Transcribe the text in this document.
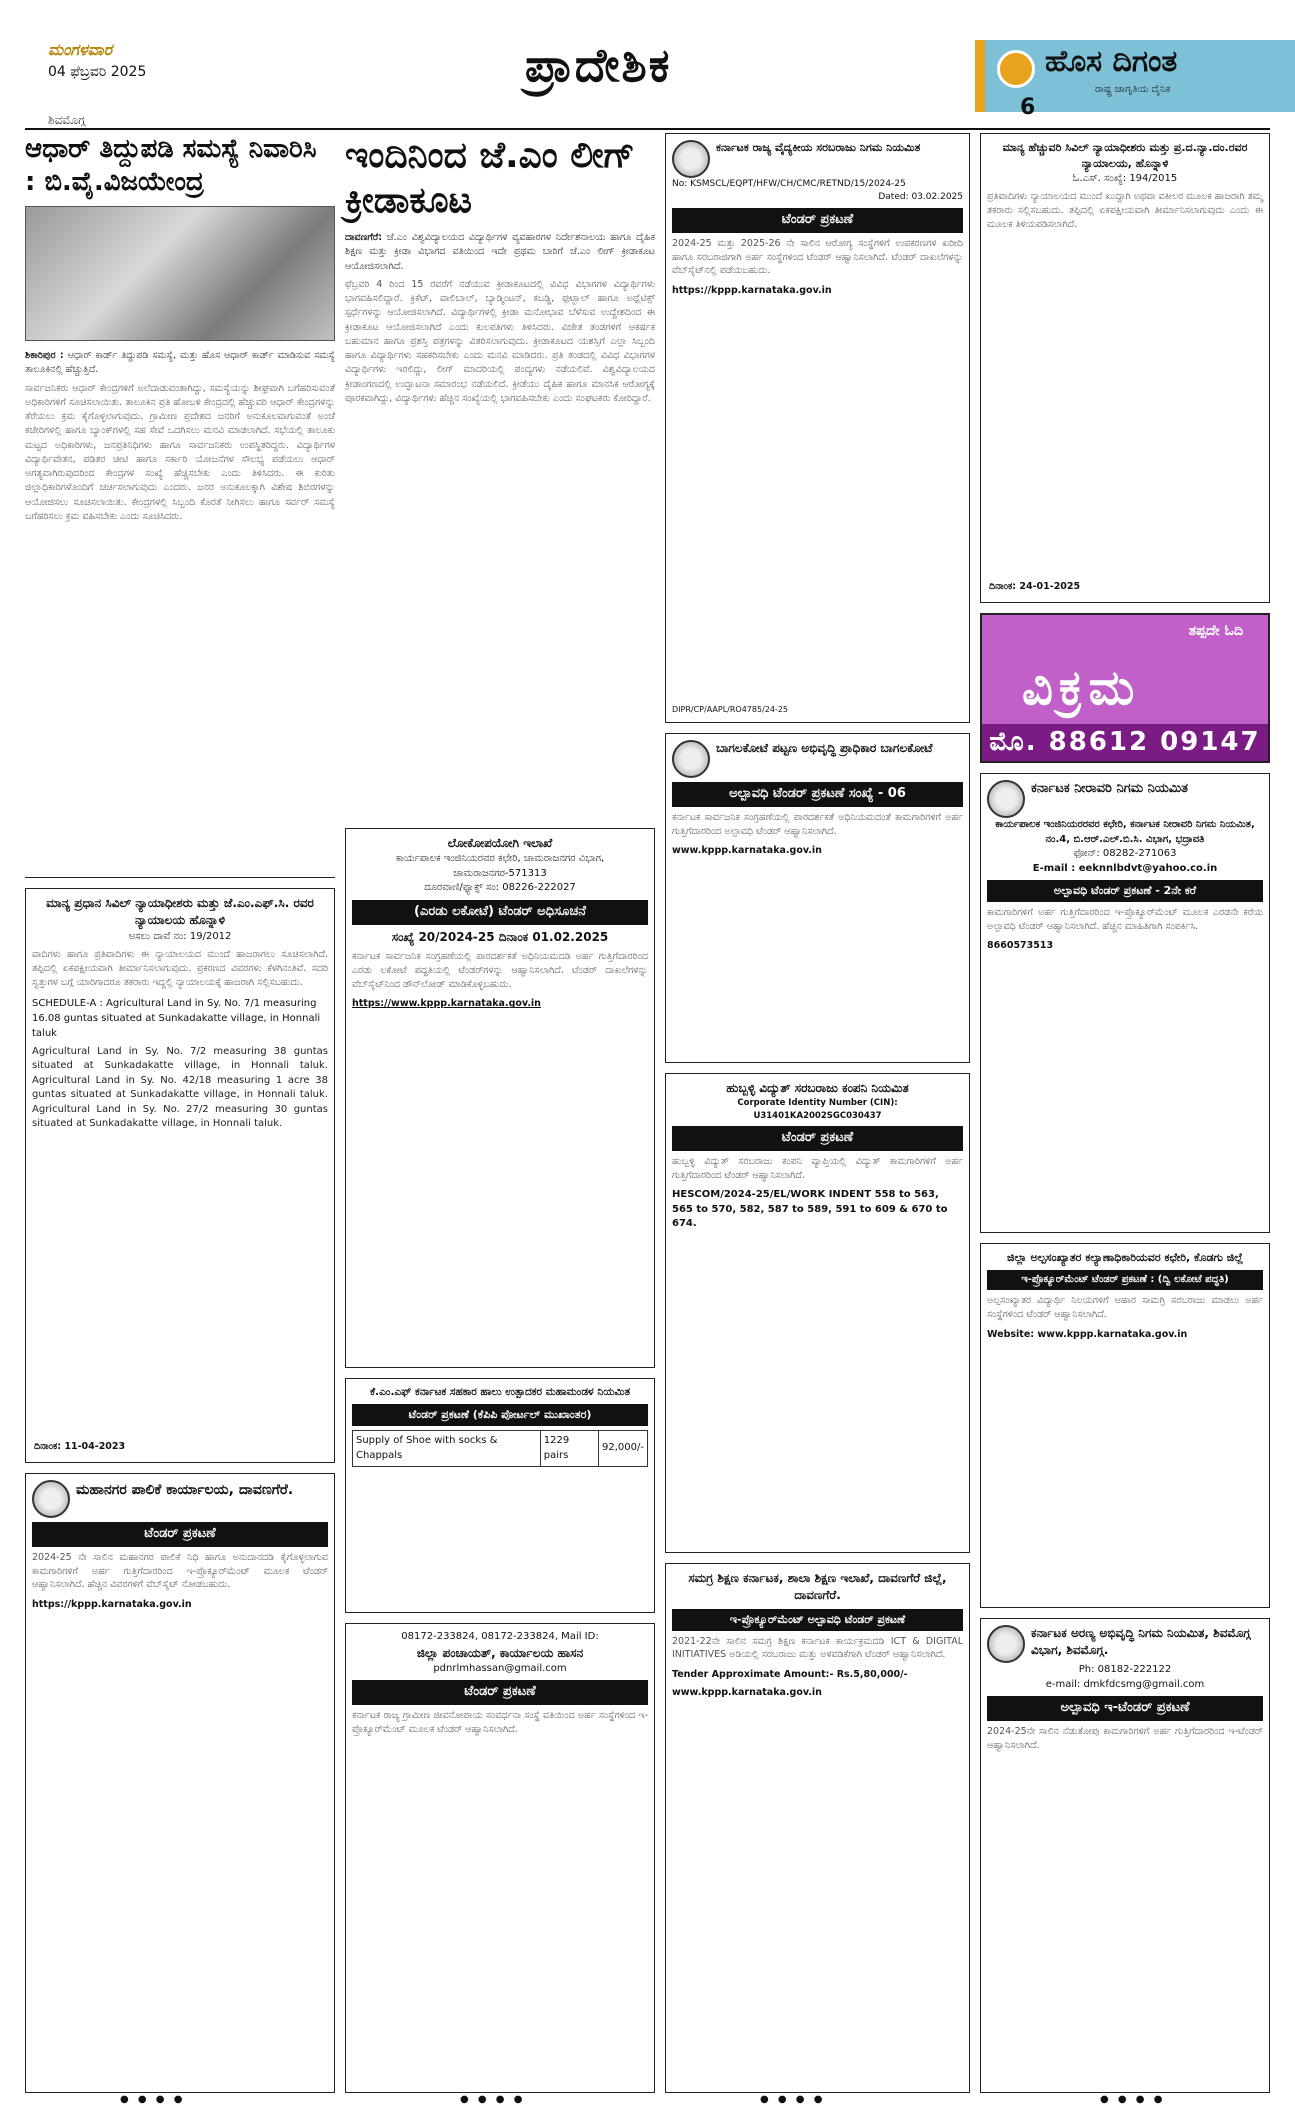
ಮಂಗಳವಾರ
04 ಫೆಬ್ರವರಿ 2025
ಶಿವಮೊಗ್ಗ
ಪ್ರಾದೇಶಿಕ	ಹೊಸ ದಿಗಂತ
ರಾಷ್ಟ್ರ ಜಾಗೃತಿಯ ದೈನಿಕ
6
ಆಧಾರ್ ತಿದ್ದುಪಡಿ ಸಮಸ್ಯೆ ನಿವಾರಿಸಿ : ಬಿ.ವೈ.ವಿಜಯೇಂದ್ರ
ಶಿಕಾರಿಪುರ : ಆಧಾರ್ ಕಾರ್ಡ್ ತಿದ್ದುಪಡಿ ಸಮಸ್ಯೆ, ಮತ್ತು ಹೊಸ ಆಧಾರ್ ಕಾರ್ಡ್ ಮಾಡಿಸುವ ಸಮಸ್ಯೆ ತಾಲೂಕಿನಲ್ಲಿ ಹೆಚ್ಚುತ್ತಿದೆ.
ಸಾರ್ವಜನಿಕರು ಆಧಾರ್ ಕೇಂದ್ರಗಳಿಗೆ ಅಲೆದಾಡುವಂತಾಗಿದ್ದು, ಸಮಸ್ಯೆಯನ್ನು ಶೀಘ್ರವಾಗಿ ಬಗೆಹರಿಸುವಂತೆ ಅಧಿಕಾರಿಗಳಿಗೆ ಸೂಚಿಸಲಾಯಿತು. ತಾಲೂಕಿನ ಪ್ರತಿ ಹೋಬಳಿ ಕೇಂದ್ರದಲ್ಲಿ ಹೆಚ್ಚುವರಿ ಆಧಾರ್ ಕೇಂದ್ರಗಳನ್ನು ತೆರೆಯಲು ಕ್ರಮ ಕೈಗೊಳ್ಳಲಾಗುವುದು. ಗ್ರಾಮೀಣ ಪ್ರದೇಶದ ಜನರಿಗೆ ಅನುಕೂಲವಾಗುವಂತೆ ಅಂಚೆ ಕಚೇರಿಗಳಲ್ಲಿ ಹಾಗೂ ಬ್ಯಾಂಕ್‌ಗಳಲ್ಲಿ ಸಹ ಸೇವೆ ಒದಗಿಸಲು ಮನವಿ ಮಾಡಲಾಗಿದೆ. ಸಭೆಯಲ್ಲಿ ತಾಲೂಕು ಮಟ್ಟದ ಅಧಿಕಾರಿಗಳು, ಜನಪ್ರತಿನಿಧಿಗಳು ಹಾಗೂ ಸಾರ್ವಜನಿಕರು ಉಪಸ್ಥಿತರಿದ್ದರು. ವಿದ್ಯಾರ್ಥಿಗಳ ವಿದ್ಯಾರ್ಥಿವೇತನ, ಪಡಿತರ ಚೀಟಿ ಹಾಗೂ ಸರ್ಕಾರಿ ಯೋಜನೆಗಳ ಸೌಲಭ್ಯ ಪಡೆಯಲು ಆಧಾರ್ ಅಗತ್ಯವಾಗಿರುವುದರಿಂದ ಕೇಂದ್ರಗಳ ಸಂಖ್ಯೆ ಹೆಚ್ಚಿಸಬೇಕು ಎಂದು ತಿಳಿಸಿದರು. ಈ ಕುರಿತು ಜಿಲ್ಲಾಧಿಕಾರಿಗಳೊಂದಿಗೆ ಚರ್ಚಿಸಲಾಗುವುದು ಎಂದರು. ಜನರ ಅನುಕೂಲಕ್ಕಾಗಿ ವಿಶೇಷ ಶಿಬಿರಗಳನ್ನು ಆಯೋಜಿಸಲು ಸೂಚಿಸಲಾಯಿತು. ಕೇಂದ್ರಗಳಲ್ಲಿ ಸಿಬ್ಬಂದಿ ಕೊರತೆ ನೀಗಿಸಲು ಹಾಗೂ ಸರ್ವರ್ ಸಮಸ್ಯೆ ಬಗೆಹರಿಸಲು ಕ್ರಮ ವಹಿಸಬೇಕು ಎಂದು ಸೂಚಿಸಿದರು.
ಮಾನ್ಯ ಪ್ರಧಾನ ಸಿವಿಲ್ ನ್ಯಾಯಾಧೀಶರು ಮತ್ತು ಜೆ.ಎಂ.ಎಫ್.ಸಿ. ರವರ ನ್ಯಾಯಾಲಯ ಹೊನ್ನಾಳಿ
ಅಸಲು ದಾವೆ ನಂ: 19/2012
ವಾದಿಗಳು ಹಾಗೂ ಪ್ರತಿವಾದಿಗಳು ಈ ನ್ಯಾಯಾಲಯದ ಮುಂದೆ ಹಾಜರಾಗಲು ಸೂಚಿಸಲಾಗಿದೆ. ತಪ್ಪಿದಲ್ಲಿ ಏಕಪಕ್ಷೀಯವಾಗಿ ತೀರ್ಮಾನಿಸಲಾಗುವುದು. ಪ್ರಕರಣದ ವಿವರಗಳು ಕೆಳಗಿನಂತಿವೆ. ಸದರಿ ಸ್ವತ್ತುಗಳ ಬಗ್ಗೆ ಯಾರಿಗಾದರೂ ತಕರಾರು ಇದ್ದಲ್ಲಿ ನ್ಯಾಯಾಲಯಕ್ಕೆ ಹಾಜರಾಗಿ ಸಲ್ಲಿಸಬಹುದು.
SCHEDULE-A : Agricultural Land in Sy. No. 7/1 measuring 16.08 guntas situated at Sunkadakatte village, in Honnali taluk
Agricultural Land in Sy. No. 7/2 measuring 38 guntas situated at Sunkadakatte village, in Honnali taluk. Agricultural Land in Sy. No. 42/18 measuring 1 acre 38 guntas situated at Sunkadakatte village, in Honnali taluk. Agricultural Land in Sy. No. 27/2 measuring 30 guntas situated at Sunkadakatte village, in Honnali taluk.
ದಿನಾಂಕ: 11-04-2023
ಮಹಾನಗರ ಪಾಲಿಕೆ ಕಾರ್ಯಾಲಯ, ದಾವಣಗೆರೆ.
ಟೆಂಡರ್ ಪ್ರಕಟಣೆ
2024-25 ನೇ ಸಾಲಿನ ಮಹಾನಗರ ಪಾಲಿಕೆ ನಿಧಿ ಹಾಗೂ ಅನುದಾನದಡಿ ಕೈಗೊಳ್ಳಲಾಗುವ ಕಾಮಗಾರಿಗಳಿಗೆ ಅರ್ಹ ಗುತ್ತಿಗೆದಾರರಿಂದ ಇ-ಪ್ರೊಕ್ಯೂರ್‌ಮೆಂಟ್ ಮೂಲಕ ಟೆಂಡರ್ ಆಹ್ವಾನಿಸಲಾಗಿದೆ. ಹೆಚ್ಚಿನ ವಿವರಗಳಿಗೆ ವೆಬ್‌ಸೈಟ್ ನೋಡಬಹುದು.
https://kppp.karnataka.gov.in
ಇಂದಿನಿಂದ ಜೆ.ಎಂ ಲೀಗ್ ಕ್ರೀಡಾಕೂಟ
ದಾವಣಗೆರೆ: ಜೆ.ಎಂ ವಿಶ್ವವಿದ್ಯಾಲಯದ ವಿದ್ಯಾರ್ಥಿಗಳ ವ್ಯವಹಾರಗಳ ನಿರ್ದೇಶನಾಲಯ ಹಾಗೂ ದೈಹಿಕ ಶಿಕ್ಷಣ ಮತ್ತು ಕ್ರೀಡಾ ವಿಭಾಗದ ವತಿಯಿಂದ ಇದೇ ಪ್ರಥಮ ಬಾರಿಗೆ ಜೆ.ಎಂ ಲೀಗ್ ಕ್ರೀಡಾಕೂಟ ಆಯೋಜಿಸಲಾಗಿದೆ.
ಫೆಬ್ರವರಿ 4 ರಿಂದ 15 ರವರೆಗೆ ನಡೆಯುವ ಕ್ರೀಡಾಕೂಟದಲ್ಲಿ ವಿವಿಧ ವಿಭಾಗಗಳ ವಿದ್ಯಾರ್ಥಿಗಳು ಭಾಗವಹಿಸಲಿದ್ದಾರೆ. ಕ್ರಿಕೆಟ್, ವಾಲಿಬಾಲ್, ಬ್ಯಾಡ್ಮಿಂಟನ್, ಕಬಡ್ಡಿ, ಫುಟ್ಬಾಲ್ ಹಾಗೂ ಅಥ್ಲೆಟಿಕ್ಸ್ ಸ್ಪರ್ಧೆಗಳನ್ನು ಆಯೋಜಿಸಲಾಗಿದೆ. ವಿದ್ಯಾರ್ಥಿಗಳಲ್ಲಿ ಕ್ರೀಡಾ ಮನೋಭಾವ ಬೆಳೆಸುವ ಉದ್ದೇಶದಿಂದ ಈ ಕ್ರೀಡಾಕೂಟ ಆಯೋಜಿಸಲಾಗಿದೆ ಎಂದು ಕುಲಪತಿಗಳು ತಿಳಿಸಿದರು. ವಿಜೇತ ತಂಡಗಳಿಗೆ ಆಕರ್ಷಕ ಬಹುಮಾನ ಹಾಗೂ ಪ್ರಶಸ್ತಿ ಪತ್ರಗಳನ್ನು ವಿತರಿಸಲಾಗುವುದು. ಕ್ರೀಡಾಕೂಟದ ಯಶಸ್ಸಿಗೆ ಎಲ್ಲಾ ಸಿಬ್ಬಂದಿ ಹಾಗೂ ವಿದ್ಯಾರ್ಥಿಗಳು ಸಹಕರಿಸಬೇಕು ಎಂದು ಮನವಿ ಮಾಡಿದರು. ಪ್ರತಿ ತಂಡದಲ್ಲಿ ವಿವಿಧ ವಿಭಾಗಗಳ ವಿದ್ಯಾರ್ಥಿಗಳು ಇರಲಿದ್ದು, ಲೀಗ್ ಮಾದರಿಯಲ್ಲಿ ಪಂದ್ಯಗಳು ನಡೆಯಲಿವೆ. ವಿಶ್ವವಿದ್ಯಾಲಯದ ಕ್ರೀಡಾಂಗಣದಲ್ಲಿ ಉದ್ಘಾಟನಾ ಸಮಾರಂಭ ನಡೆಯಲಿದೆ. ಕ್ರೀಡೆಯು ದೈಹಿಕ ಹಾಗೂ ಮಾನಸಿಕ ಆರೋಗ್ಯಕ್ಕೆ ಪೂರಕವಾಗಿದ್ದು, ವಿದ್ಯಾರ್ಥಿಗಳು ಹೆಚ್ಚಿನ ಸಂಖ್ಯೆಯಲ್ಲಿ ಭಾಗವಹಿಸಬೇಕು ಎಂದು ಸಂಘಟಕರು ಕೋರಿದ್ದಾರೆ.
ಲೋಕೋಪಯೋಗಿ ಇಲಾಖೆ
ಕಾರ್ಯಪಾಲಕ ಇಂಜಿನಿಯರವರ ಕಛೇರಿ, ಚಾಮರಾಜನಗರ ವಿಭಾಗ, ಚಾಮರಾಜನಗರ-571313
ದೂರವಾಣಿ/ಫ್ಯಾಕ್ಸ್ ಸಂ: 08226-222027
(ಎರಡು ಲಕೋಟೆ) ಟೆಂಡರ್ ಅಧಿಸೂಚನೆ
ಸಂಖ್ಯೆ 20/2024-25 ದಿನಾಂಕ 01.02.2025
ಕರ್ನಾಟಕ ಸಾರ್ವಜನಿಕ ಸಂಗ್ರಹಣೆಯಲ್ಲಿ ಪಾರದರ್ಶಕತೆ ಅಧಿನಿಯಮದಡಿ ಅರ್ಹ ಗುತ್ತಿಗೆದಾರರಿಂದ ಎರಡು ಲಕೋಟೆ ಪದ್ಧತಿಯಲ್ಲಿ ಟೆಂಡರ್‌ಗಳನ್ನು ಆಹ್ವಾನಿಸಲಾಗಿದೆ. ಟೆಂಡರ್ ದಾಖಲೆಗಳನ್ನು ವೆಬ್‌ಸೈಟ್‌ನಿಂದ ಡೌನ್‌ಲೋಡ್ ಮಾಡಿಕೊಳ್ಳಬಹುದು.
https://www.kppp.karnataka.gov.in
ಕೆ.ಎಂ.ಎಫ್ ಕರ್ನಾಟಕ ಸಹಕಾರ ಹಾಲು ಉತ್ಪಾದಕರ ಮಹಾಮಂಡಳ ನಿಯಮಿತ
ಟೆಂಡರ್ ಪ್ರಕಟಣೆ (ಕೆಪಿಪಿ ಪೋರ್ಟಲ್ ಮುಖಾಂತರ)
Supply of Shoe with socks & Chappals	1229 pairs	92,000/-
08172-233824, 08172-233824, Mail ID:
ಜಿಲ್ಲಾ ಪಂಚಾಯತ್, ಕಾರ್ಯಾಲಯ ಹಾಸನ
pdnrlmhassan@gmail.com
ಟೆಂಡರ್ ಪ್ರಕಟಣೆ
ಕರ್ನಾಟಕ ರಾಜ್ಯ ಗ್ರಾಮೀಣ ಜೀವನೋಪಾಯ ಸಂವರ್ಧನಾ ಸಂಸ್ಥೆ ವತಿಯಿಂದ ಅರ್ಹ ಸಂಸ್ಥೆಗಳಿಂದ ಇ-ಪ್ರೊಕ್ಯೂರ್‌ಮೆಂಟ್ ಮೂಲಕ ಟೆಂಡರ್ ಆಹ್ವಾನಿಸಲಾಗಿದೆ.
ಕರ್ನಾಟಕ ರಾಜ್ಯ ವೈದ್ಯಕೀಯ ಸರಬರಾಜು ನಿಗಮ ನಿಯಮಿತ
No: KSMSCL/EQPT/HFW/CH/CMC/RETND/15/2024-25
Dated: 03.02.2025
ಟೆಂಡರ್ ಪ್ರಕಟಣೆ
2024-25 ಮತ್ತು 2025-26 ನೇ ಸಾಲಿನ ಆರೋಗ್ಯ ಸಂಸ್ಥೆಗಳಿಗೆ ಉಪಕರಣಗಳ ಖರೀದಿ ಹಾಗೂ ಸರಬರಾಜಿಗಾಗಿ ಅರ್ಹ ಸಂಸ್ಥೆಗಳಿಂದ ಟೆಂಡರ್ ಆಹ್ವಾನಿಸಲಾಗಿದೆ. ಟೆಂಡರ್ ದಾಖಲೆಗಳನ್ನು ವೆಬ್‌ಸೈಟ್‌ನಲ್ಲಿ ಪಡೆಯಬಹುದು.
https://kppp.karnataka.gov.in
DIPR/CP/AAPL/RO4785/24-25
ಬಾಗಲಕೋಟೆ ಪಟ್ಟಣ ಅಭಿವೃದ್ಧಿ ಪ್ರಾಧಿಕಾರ ಬಾಗಲಕೋಟೆ
ಅಲ್ಪಾವಧಿ ಟೆಂಡರ್ ಪ್ರಕಟಣೆ ಸಂಖ್ಯೆ - 06
ಕರ್ನಾಟಕ ಸಾರ್ವಜನಿಕ ಸಂಗ್ರಹಣೆಯಲ್ಲಿ ಪಾರದರ್ಶಕತೆ ಅಧಿನಿಯಮದಂತೆ ಕಾಮಗಾರಿಗಳಿಗೆ ಅರ್ಹ ಗುತ್ತಿಗೆದಾರರಿಂದ ಅಲ್ಪಾವಧಿ ಟೆಂಡರ್ ಆಹ್ವಾನಿಸಲಾಗಿದೆ.
www.kppp.karnataka.gov.in
ಹುಬ್ಬಳ್ಳಿ ವಿದ್ಯುತ್ ಸರಬರಾಜು ಕಂಪನಿ ನಿಯಮಿತ
Corporate Identity Number (CIN): U31401KA2002SGC030437
ಟೆಂಡರ್ ಪ್ರಕಟಣೆ
ಹುಬ್ಬಳ್ಳಿ ವಿದ್ಯುತ್ ಸರಬರಾಜು ಕಂಪನಿ ವ್ಯಾಪ್ತಿಯಲ್ಲಿ ವಿದ್ಯುತ್ ಕಾಮಗಾರಿಗಳಿಗೆ ಅರ್ಹ ಗುತ್ತಿಗೆದಾರರಿಂದ ಟೆಂಡರ್ ಆಹ್ವಾನಿಸಲಾಗಿದೆ.
HESCOM/2024-25/EL/WORK INDENT 558 to 563, 565 to 570, 582, 587 to 589, 591 to 609 & 670 to 674.
ಸಮಗ್ರ ಶಿಕ್ಷಣ ಕರ್ನಾಟಕ, ಶಾಲಾ ಶಿಕ್ಷಣ ಇಲಾಖೆ, ದಾವಣಗೆರೆ ಜಿಲ್ಲೆ, ದಾವಣಗೆರೆ.
ಇ-ಪ್ರೊಕ್ಯೂರ್‌ಮೆಂಟ್ ಅಲ್ಪಾವಧಿ ಟೆಂಡರ್ ಪ್ರಕಟಣೆ
2021-22ನೇ ಸಾಲಿನ ಸಮಗ್ರ ಶಿಕ್ಷಣ ಕರ್ನಾಟಕ ಕಾರ್ಯಕ್ರಮದಡಿ ICT & DIGITAL INITIATIVES ಅಡಿಯಲ್ಲಿ ಸರಬರಾಜು ಮತ್ತು ಅಳವಡಿಕೆಗಾಗಿ ಟೆಂಡರ್ ಆಹ್ವಾನಿಸಲಾಗಿದೆ.
Tender Approximate Amount:- Rs.5,80,000/-
www.kppp.karnataka.gov.in
ಮಾನ್ಯ ಹೆಚ್ಚುವರಿ ಸಿವಿಲ್ ನ್ಯಾಯಾಧೀಶರು ಮತ್ತು ಪ್ರ.ದ.ನ್ಯಾ.ದಂ.ರವರ ನ್ಯಾಯಾಲಯ, ಹೊನ್ನಾಳಿ
ಓ.ಎಸ್. ಸಂಖ್ಯೆ: 194/2015
ಪ್ರತಿವಾದಿಗಳು ನ್ಯಾಯಾಲಯದ ಮುಂದೆ ಖುದ್ದಾಗಿ ಅಥವಾ ವಕೀಲರ ಮೂಲಕ ಹಾಜರಾಗಿ ತಮ್ಮ ತಕರಾರು ಸಲ್ಲಿಸಬಹುದು. ತಪ್ಪಿದಲ್ಲಿ ಏಕಪಕ್ಷೀಯವಾಗಿ ತೀರ್ಮಾನಿಸಲಾಗುವುದು ಎಂದು ಈ ಮೂಲಕ ತಿಳಿಯಪಡಿಸಲಾಗಿದೆ.
ದಿನಾಂಕ: 24-01-2025
ತಪ್ಪದೇ ಓದಿ
ವಿಕ್ರಮ
ಮೊ. 88612 09147
ಕರ್ನಾಟಕ ನೀರಾವರಿ ನಿಗಮ ನಿಯಮಿತ
ಕಾರ್ಯಪಾಲಕ ಇಂಜಿನಿಯರರವರ ಕಛೇರಿ, ಕರ್ನಾಟಕ ನೀರಾವರಿ ನಿಗಮ ನಿಯಮಿತ, ನಂ.4, ಬಿ.ಆರ್.ಎಲ್.ಬಿ.ಸಿ. ವಿಭಾಗ, ಭದ್ರಾವತಿ
ಫೋನ್: 08282-271063
E-mail : eeknnlbdvt@yahoo.co.in
ಅಲ್ಪಾವಧಿ ಟೆಂಡರ್ ಪ್ರಕಟಣೆ - 2ನೇ ಕರೆ
ಕಾಮಗಾರಿಗಳಿಗೆ ಅರ್ಹ ಗುತ್ತಿಗೆದಾರರಿಂದ ಇ-ಪ್ರೊಕ್ಯೂರ್‌ಮೆಂಟ್ ಮೂಲಕ ಎರಡನೇ ಕರೆಯ ಅಲ್ಪಾವಧಿ ಟೆಂಡರ್ ಆಹ್ವಾನಿಸಲಾಗಿದೆ. ಹೆಚ್ಚಿನ ಮಾಹಿತಿಗಾಗಿ ಸಂಪರ್ಕಿಸಿ.
8660573513
ಜಿಲ್ಲಾ ಅಲ್ಪಸಂಖ್ಯಾತರ ಕಲ್ಯಾಣಾಧಿಕಾರಿಯವರ ಕಛೇರಿ, ಕೊಡಗು ಜಿಲ್ಲೆ
ಇ-ಪ್ರೊಕ್ಯೂರ್‌ಮೆಂಟ್ ಟೆಂಡರ್ ಪ್ರಕಟಣೆ : (ದ್ವಿ ಲಕೋಟೆ ಪದ್ಧತಿ)
ಅಲ್ಪಸಂಖ್ಯಾತರ ವಿದ್ಯಾರ್ಥಿ ನಿಲಯಗಳಿಗೆ ಆಹಾರ ಸಾಮಗ್ರಿ ಸರಬರಾಜು ಮಾಡಲು ಅರ್ಹ ಸಂಸ್ಥೆಗಳಿಂದ ಟೆಂಡರ್ ಆಹ್ವಾನಿಸಲಾಗಿದೆ.
Website: www.kppp.karnataka.gov.in
ಕರ್ನಾಟಕ ಅರಣ್ಯ ಅಭಿವೃದ್ಧಿ ನಿಗಮ ನಿಯಮಿತ, ಶಿವಮೊಗ್ಗ ವಿಭಾಗ, ಶಿವಮೊಗ್ಗ.
Ph: 08182-222122
e-mail: dmkfdcsmg@gmail.com
ಅಲ್ಪಾವಧಿ ಇ-ಟೆಂಡರ್ ಪ್ರಕಟಣೆ
2024-25ನೇ ಸಾಲಿನ ನೆಡುತೋಪು ಕಾಮಗಾರಿಗಳಿಗೆ ಅರ್ಹ ಗುತ್ತಿಗೆದಾರರಿಂದ ಇ-ಟೆಂಡರ್ ಆಹ್ವಾನಿಸಲಾಗಿದೆ.
● ● ● ●	● ● ● ●	● ● ● ●	● ● ● ●
